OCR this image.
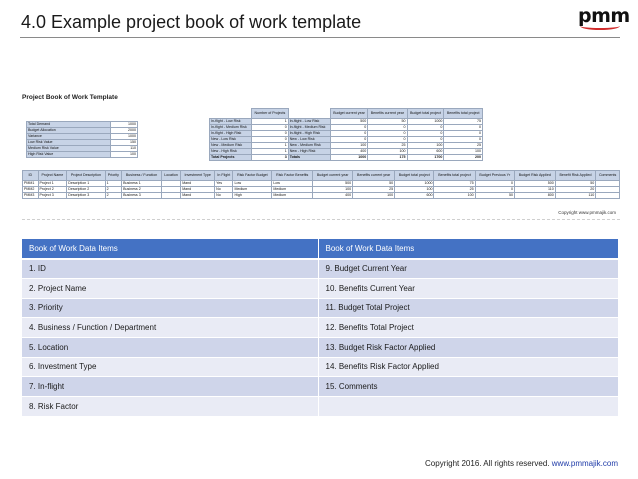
4.0 Example project book of work template	pmm
Project Book of Work Template
Total Demand	1000
Budget Allocation	2000
Variance	1000
Low Risk Value	150
Medium Risk Value	110
High Risk Value	100
	Number of Projects		Budget current year	Benefits current year	Budget total project	Benefits total project
In-flight - Low Risk	1	In-flight - Low Risk	500	50	1000	75
In-flight - Medium Risk	0	In-flight - Medium Risk	0	0	0	0
In-flight - High Risk	0	In-flight - High Risk	0	0	0	0
New - Low Risk	0	New - Low Risk	0	0	0	0
New - Medium Risk	1	New - Medium Risk	100	25	100	25
New - High Risk	1	New - High Risk	400	100	600	100
Total Projects	3	Totals	1000	175	1700	200
ID	Project Name	Project Description	Priority	Business / Function	Location	Investment Type	In Flight	Risk Factor Budget	Risk Factor Benefits	Budget current year	Benefits current year	Budget total project	Benefits total project	Budget Previous Yr	Budget Risk Applied	Benefit Risk Applied	Comments
PMM1	Project 1	Description 1	1	Business 1		Mand	Yes	Low	Low	500	50	1000	75	0	500	50	
PMM2	Project 2	Description 2	2	Business 2		Mand	No	Medium	Medium	100	25	100	25	0	110	20	
PMM3	Project 3	Description 3	2	Business 3		Mand	No	High	Medium	400	100	600	100	50	800	110	
Copyright www.pmmajik.com
Book of Work Data Items	Book of Work Data Items
1. ID	9. Budget Current Year
2. Project Name	10. Benefits Current Year
3. Priority	11. Budget Total Project
4. Business / Function / Department	12. Benefits Total Project
5. Location	13. Budget Risk Factor Applied
6. Investment Type	14. Benefits Risk Factor Applied
7. In-flight	15. Comments
8. Risk Factor	
Copyright 2016. All rights reserved. www.pmmajik.com
